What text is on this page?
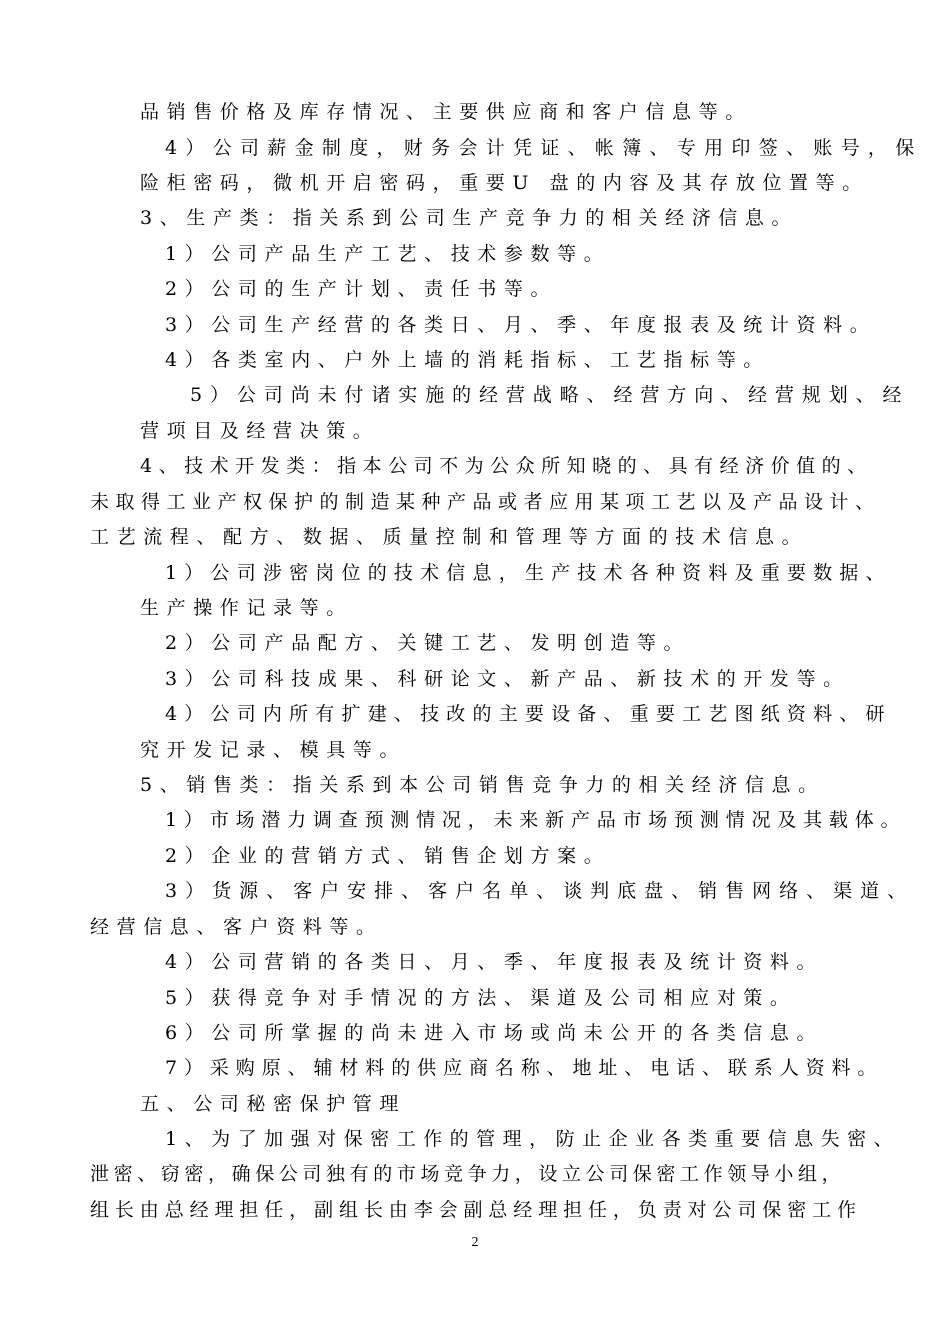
品销售价格及库存情况、主要供应商和客户信息等。
4）公司薪金制度，财务会计凭证、帐簿、专用印签、账号，保
险柜密码，微机开启密码，重要U 盘的内容及其存放位置等。
3、生产类：指关系到公司生产竞争力的相关经济信息。
1）公司产品生产工艺、技术参数等。
2）公司的生产计划、责任书等。
3）公司生产经营的各类日、月、季、年度报表及统计资料。
4）各类室内、户外上墙的消耗指标、工艺指标等。
5）公司尚未付诸实施的经营战略、经营方向、经营规划、经
营项目及经营决策。
4、技术开发类：指本公司不为公众所知晓的、具有经济价值的、
未取得工业产权保护的制造某种产品或者应用某项工艺以及产品设计、
工艺流程、配方、数据、质量控制和管理等方面的技术信息。
1）公司涉密岗位的技术信息，生产技术各种资料及重要数据、
生产操作记录等。
2）公司产品配方、关键工艺、发明创造等。
3）公司科技成果、科研论文、新产品、新技术的开发等。
4）公司内所有扩建、技改的主要设备、重要工艺图纸资料、研
究开发记录、模具等。
5、销售类：指关系到本公司销售竞争力的相关经济信息。
1）市场潜力调查预测情况，未来新产品市场预测情况及其载体。
2）企业的营销方式、销售企划方案。
3）货源、客户安排、客户名单、谈判底盘、销售网络、渠道、
经营信息、客户资料等。
4）公司营销的各类日、月、季、年度报表及统计资料。
5）获得竞争对手情况的方法、渠道及公司相应对策。
6）公司所掌握的尚未进入市场或尚未公开的各类信息。
7）采购原、辅材料的供应商名称、地址、电话、联系人资料。
五、公司秘密保护管理
1、为了加强对保密工作的管理，防止企业各类重要信息失密、
泄密、窃密，确保公司独有的市场竞争力，设立公司保密工作领导小组，
组长由总经理担任，副组长由李会副总经理担任，负责对公司保密工作
2
